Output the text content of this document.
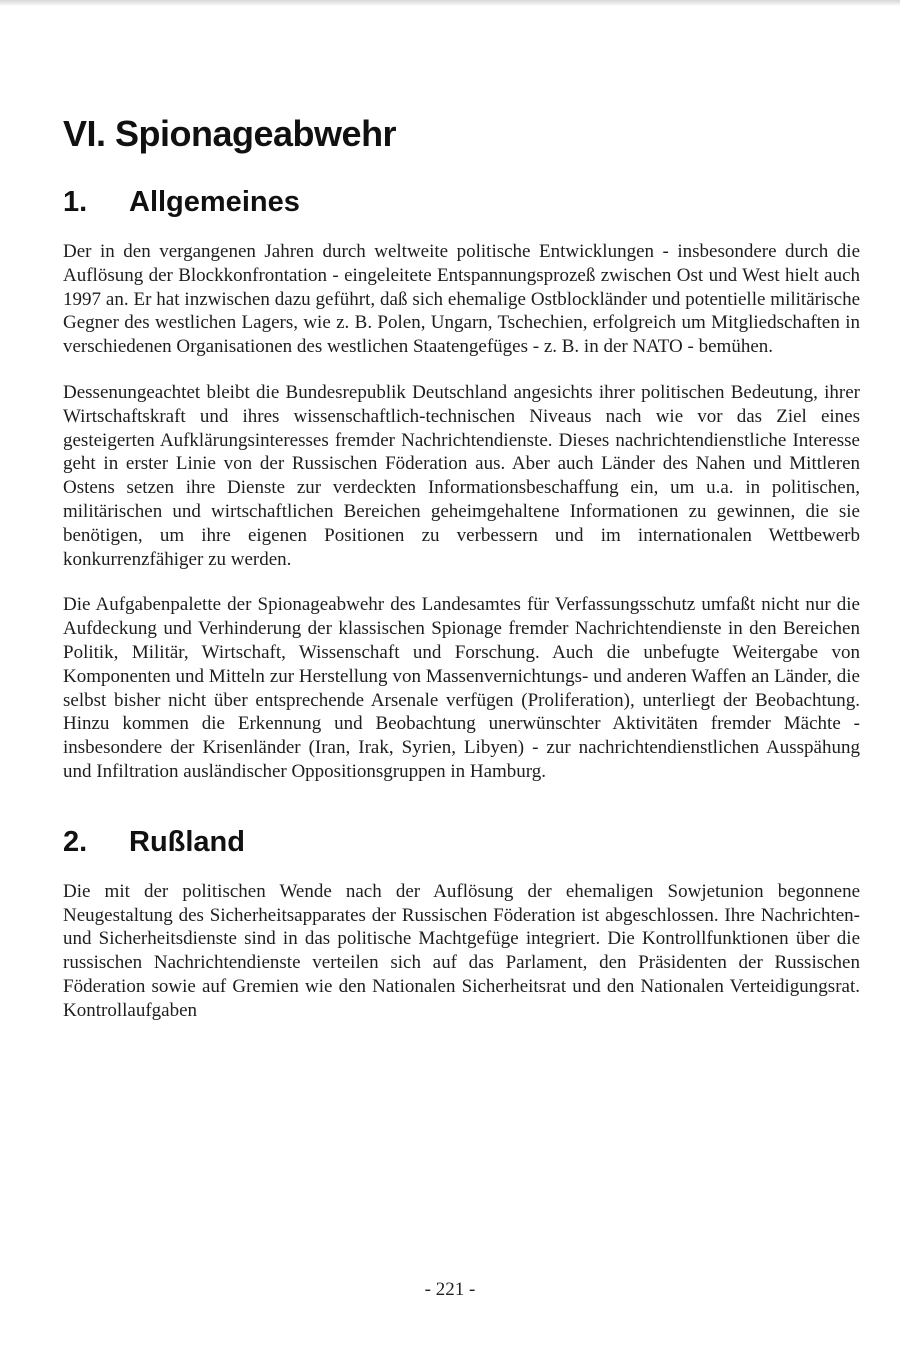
VI. Spionageabwehr
1.	Allgemeines

Der in den vergangenen Jahren durch weltweite politische Entwicklungen - insbesondere durch die Auflösung der Blockkonfrontation - eingeleitete Entspannungsprozeß zwischen Ost und West hielt auch 1997 an. Er hat inzwischen dazu geführt, daß sich ehemalige Ostblockländer und potentielle militärische Gegner des westlichen Lagers, wie z. B. Polen, Ungarn, Tschechien, erfolgreich um Mitgliedschaften in verschiedenen Organisationen des westlichen Staatengefüges - z. B. in der NATO - bemühen.

Dessenungeachtet bleibt die Bundesrepublik Deutschland angesichts ihrer politischen Bedeutung, ihrer Wirtschaftskraft und ihres wissenschaftlich-technischen Niveaus nach wie vor das Ziel eines gesteigerten Aufklärungsinteresses fremder Nachrichtendienste. Dieses nachrichtendienstliche Interesse geht in erster Linie von der Russischen Föderation aus. Aber auch Länder des Nahen und Mittleren Ostens setzen ihre Dienste zur verdeckten Informationsbeschaffung ein, um u.a. in politischen, militärischen und wirtschaftlichen Bereichen geheimgehaltene Informationen zu gewinnen, die sie benötigen, um ihre eigenen Positionen zu verbessern und im internationalen Wettbewerb konkurrenzfähiger zu werden.

Die Aufgabenpalette der Spionageabwehr des Landesamtes für Verfassungsschutz umfaßt nicht nur die Aufdeckung und Verhinderung der klassischen Spionage fremder Nachrichtendienste in den Bereichen Politik, Militär, Wirtschaft, Wissenschaft und Forschung. Auch die unbefugte Weitergabe von Komponenten und Mitteln zur Herstellung von Massenvernichtungs- und anderen Waffen an Länder, die selbst bisher nicht über entsprechende Arsenale verfügen (Proliferation), unterliegt der Beobachtung. Hinzu kommen die Erkennung und Beobachtung unerwünschter Aktivitäten fremder Mächte - insbesondere der Krisenländer (Iran, Irak, Syrien, Libyen) - zur nachrichtendienstlichen Ausspähung und Infiltration ausländischer Oppositionsgruppen in Hamburg.

2.	Rußland

Die mit der politischen Wende nach der Auflösung der ehemaligen Sowjetunion begonnene Neugestaltung des Sicherheitsapparates der Russischen Föderation ist abgeschlossen. Ihre Nachrichten- und Sicherheitsdienste sind in das politische Machtgefüge integriert. Die Kontrollfunktionen über die russischen Nachrichtendienste verteilen sich auf das Parlament, den Präsidenten der Russischen Föderation sowie auf Gremien wie den Nationalen Sicherheitsrat und den Nationalen Verteidigungsrat. Kontrollaufgaben

- 221 -
